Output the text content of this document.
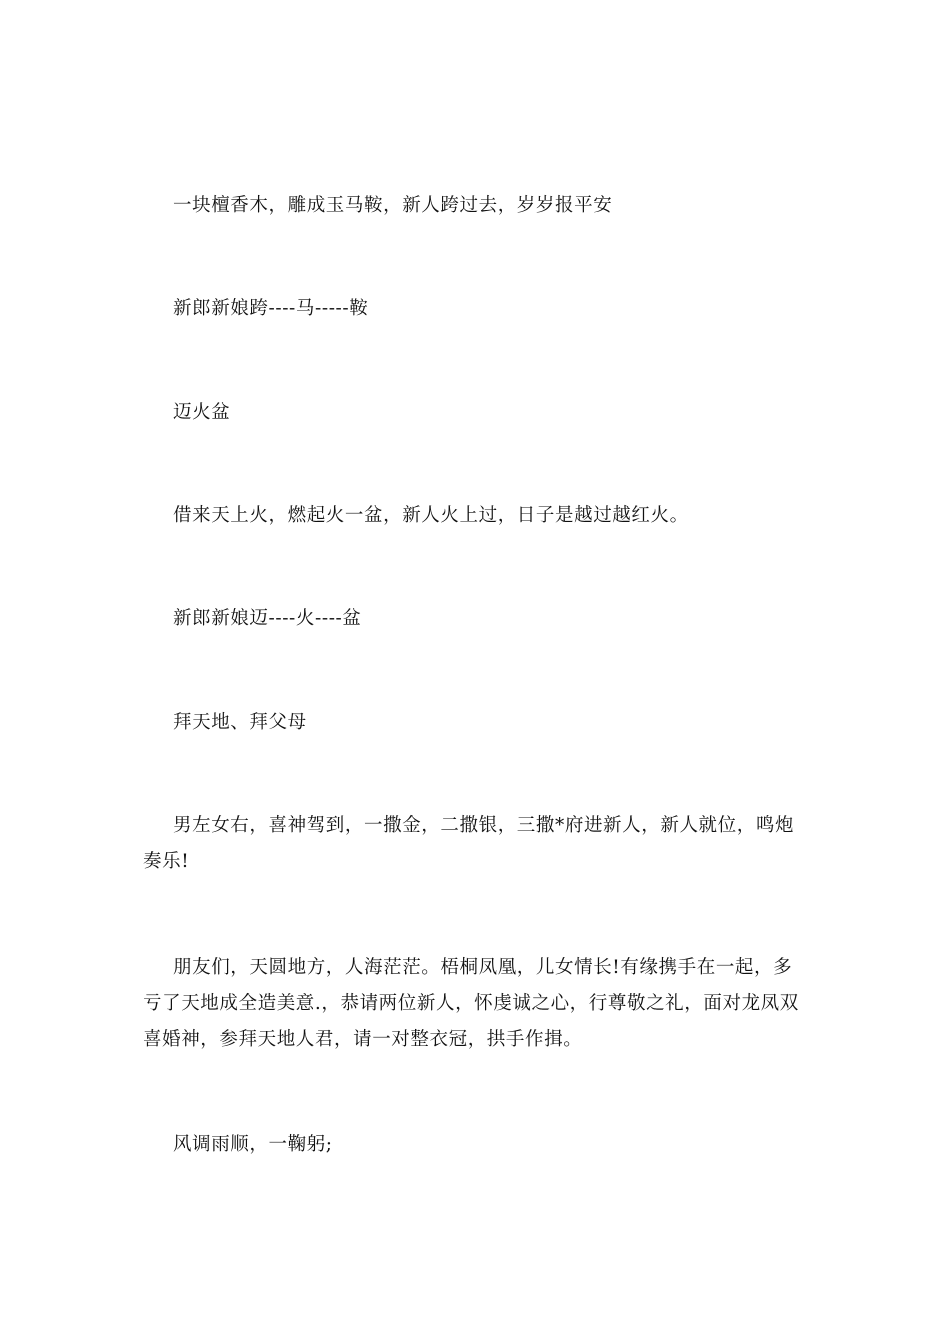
一块檀香木，雕成玉马鞍，新人跨过去，岁岁报平安

新郎新娘跨----马-----鞍

迈火盆

借来天上火，燃起火一盆，新人火上过，日子是越过越红火。

新郎新娘迈----火----盆

拜天地、拜父母

男左女右，喜神驾到，一撒金，二撒银，三撒*府进新人，新人就位，鸣炮奏乐!

朋友们，天圆地方，人海茫茫。梧桐凤凰，儿女情长!有缘携手在一起，多亏了天地成全造美意.，恭请两位新人，怀虔诚之心，行尊敬之礼，面对龙凤双喜婚神，参拜天地人君，请一对整衣冠，拱手作揖。

风调雨顺，一鞠躬;
